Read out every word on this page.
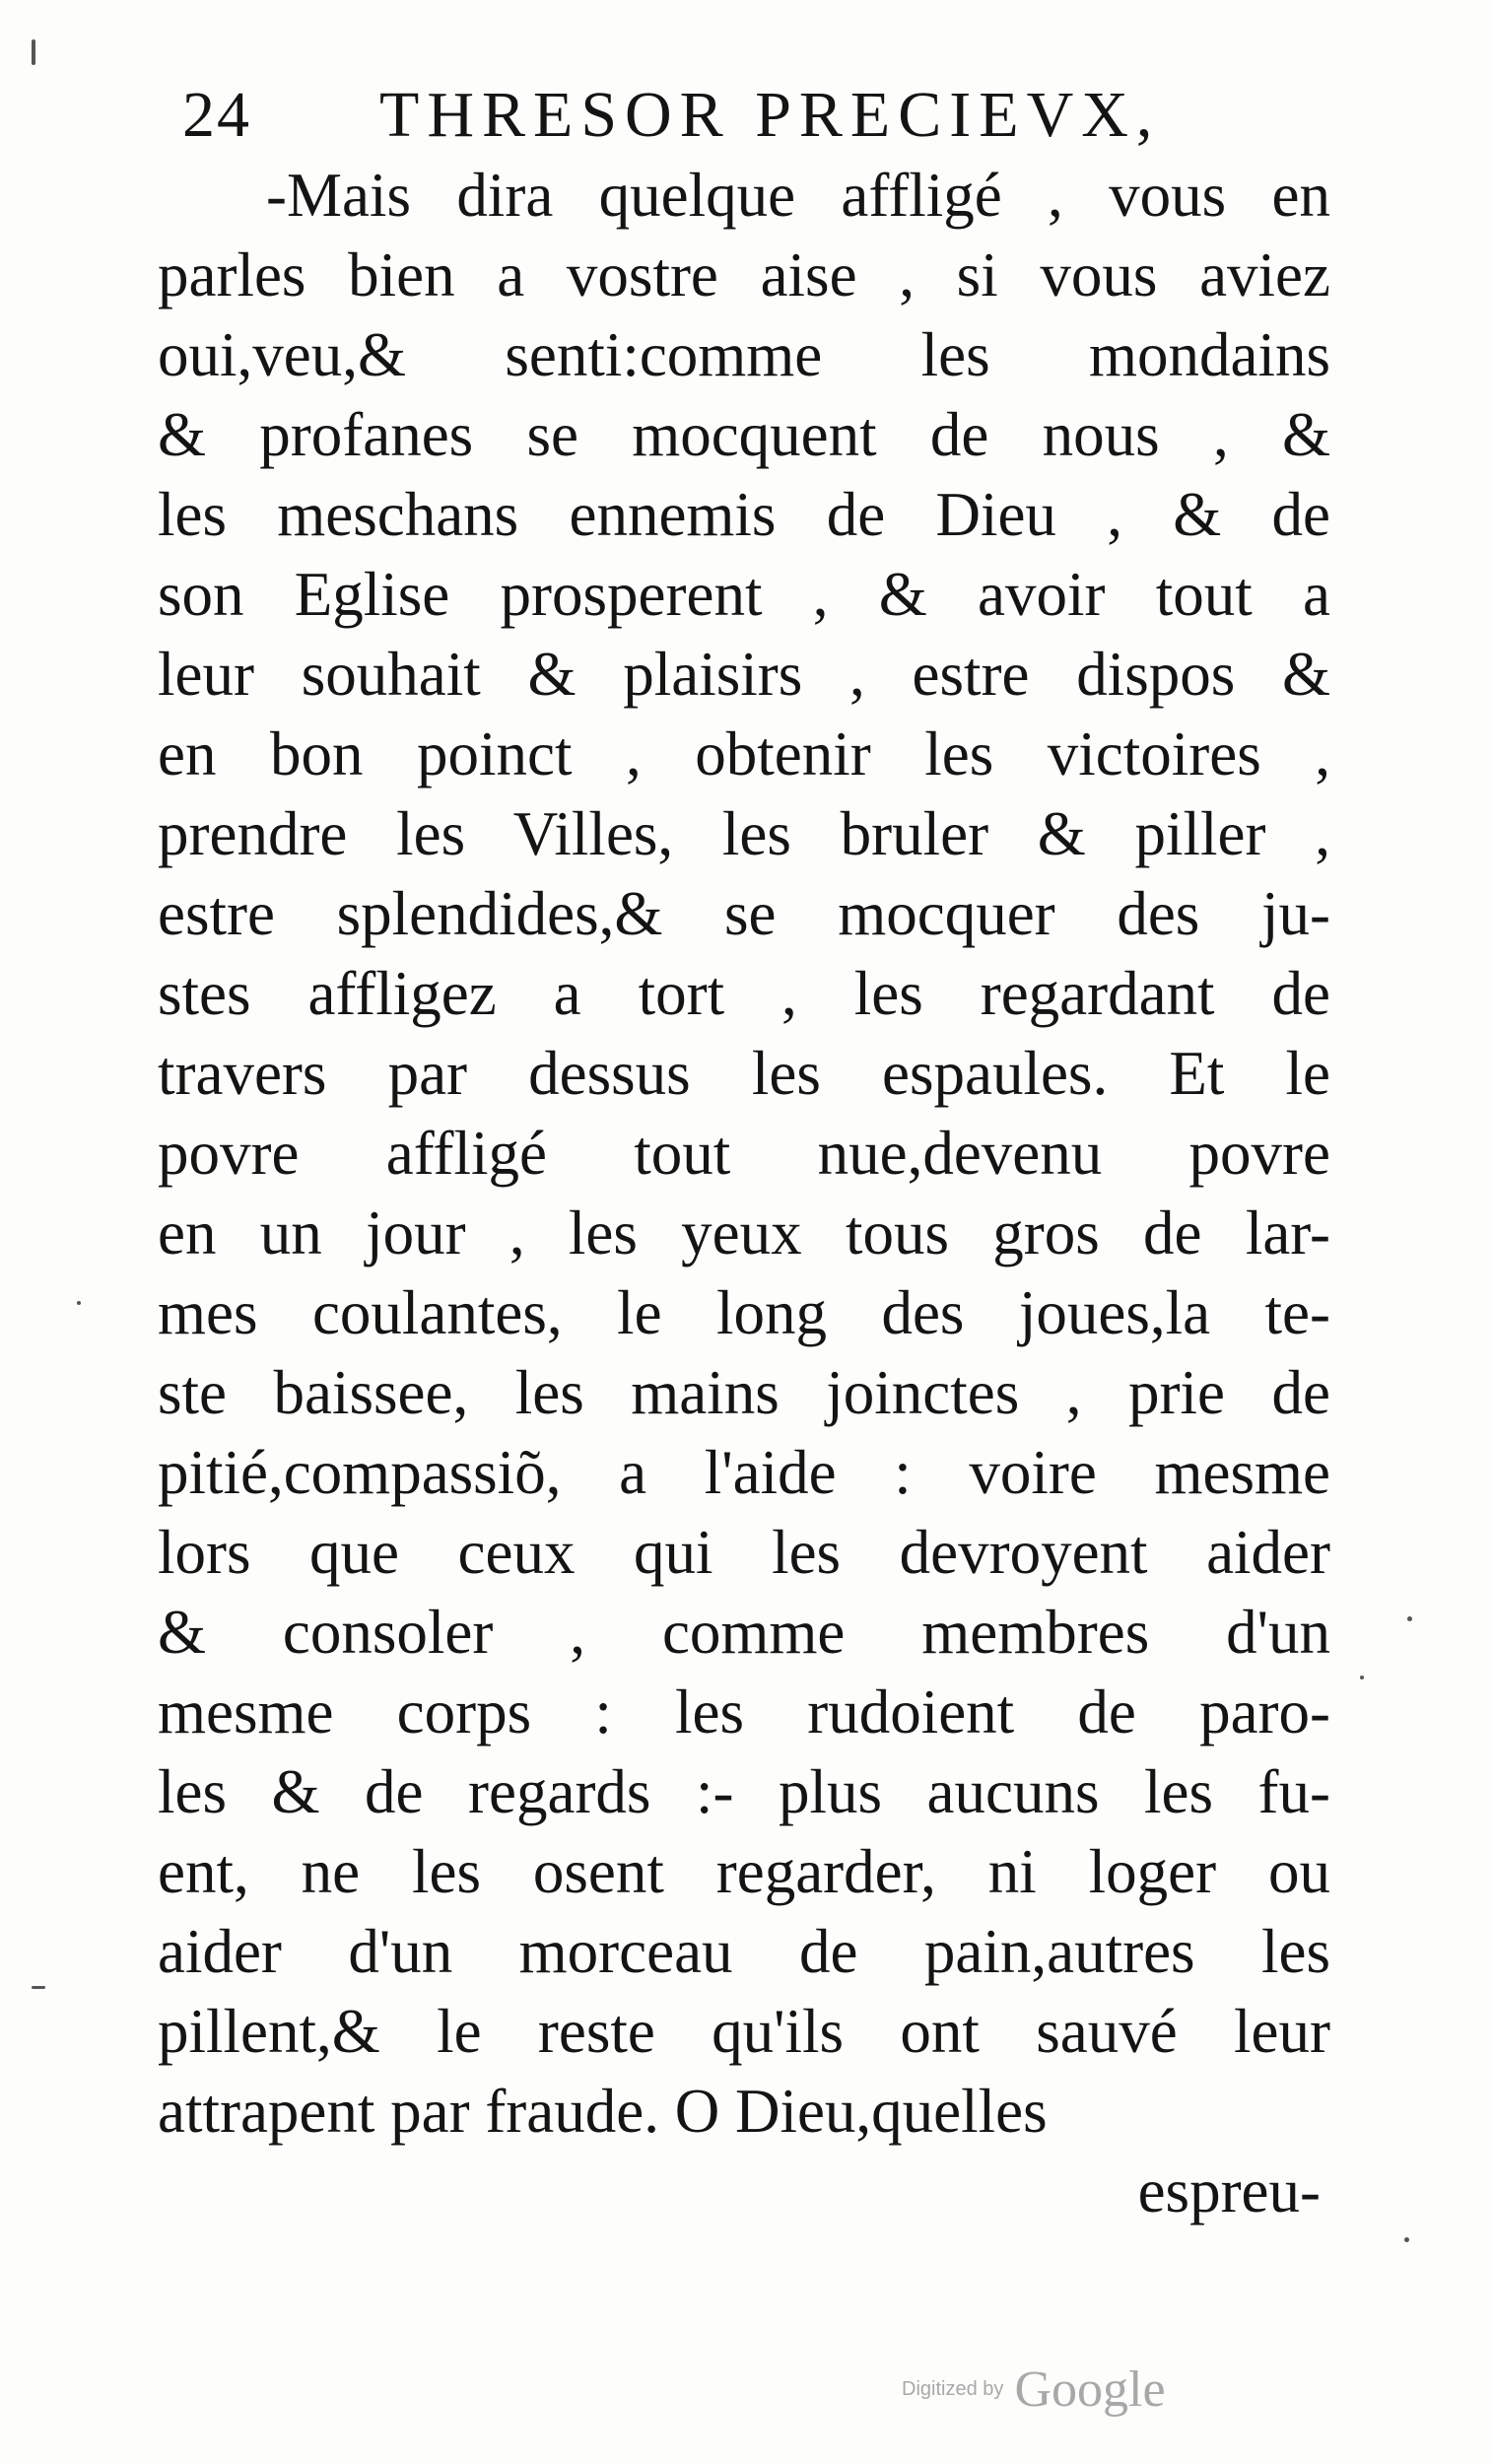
24 THRESOR PRECIEVX,
-Mais dira quelque affligé , vous en
parles bien a vostre aise , si vous aviez
oui,veu,& senti:comme les mondains
& profanes se mocquent de nous , &
les meschans ennemis de Dieu , & de
son Eglise prosperent , & avoir tout a
leur souhait & plaisirs , estre dispos &
en bon poinct , obtenir les victoires ,
prendre les Villes, les bruler & piller ,
estre splendides,& se mocquer des ju-
stes affligez a tort , les regardant de
travers par dessus les espaules. Et le
povre affligé tout nue,devenu povre
en un jour , les yeux tous gros de lar-
mes coulantes, le long des joues,la te-
ste baissee, les mains joinctes , prie de
pitié,compassiõ, a l'aide : voire mesme
lors que ceux qui les devroyent aider
& consoler , comme membres d'un
mesme corps : les rudoient de paro-
les & de regards :- plus aucuns les fu-
ent, ne les osent regarder, ni loger ou
aider d'un morceau de pain,autres les
pillent,& le reste qu'ils ont sauvé leur
attrapent par fraude. O Dieu,quelles
espreu-
Digitized by Google
